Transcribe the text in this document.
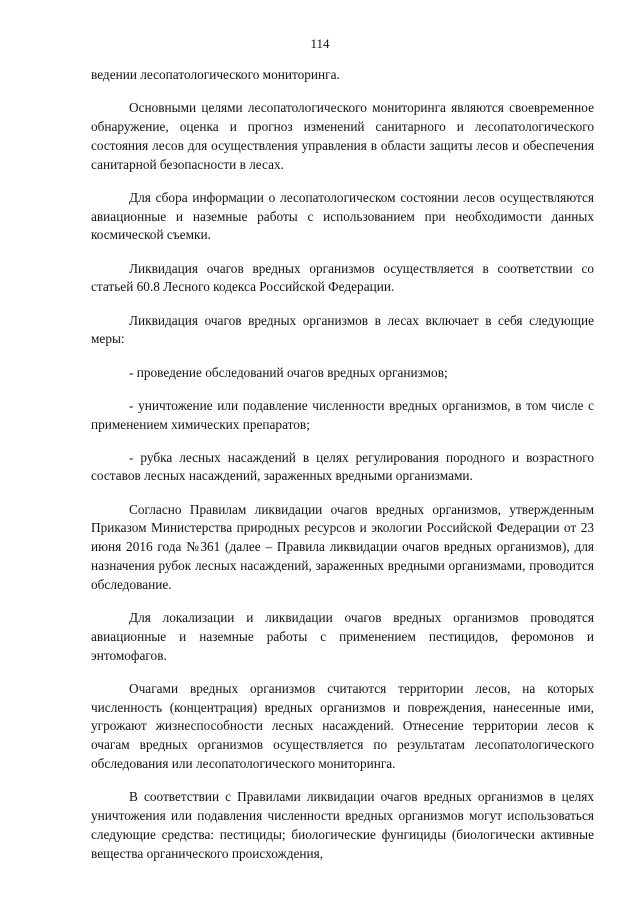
114

ведении лесопатологического мониторинга.

Основными целями лесопатологического мониторинга являются своевременное обнаружение, оценка и прогноз изменений санитарного и лесопатологического состояния лесов для осуществления управления в области защиты лесов и обеспечения санитарной безопасности в лесах.

Для сбора информации о лесопатологическом состоянии лесов осуществляются авиационные и наземные работы с использованием при необходимости данных космической съемки.

Ликвидация очагов вредных организмов осуществляется в соответствии со статьей 60.8 Лесного кодекса Российской Федерации.

Ликвидация очагов вредных организмов в лесах включает в себя следующие меры:

- проведение обследований очагов вредных организмов;

- уничтожение или подавление численности вредных организмов, в том числе с применением химических препаратов;

- рубка лесных насаждений в целях регулирования породного и возрастного составов лесных насаждений, зараженных вредными организмами.

Согласно Правилам ликвидации очагов вредных организмов, утвержденным Приказом Министерства природных ресурсов и экологии Российской Федерации от 23 июня 2016 года №361 (далее – Правила ликвидации очагов вредных организмов), для назначения рубок лесных насаждений, зараженных вредными организмами, проводится обследование.

Для локализации и ликвидации очагов вредных организмов проводятся авиационные и наземные работы с применением пестицидов, феромонов и энтомофагов.

Очагами вредных организмов считаются территории лесов, на которых численность (концентрация) вредных организмов и повреждения, нанесенные ими, угрожают жизнеспособности лесных насаждений. Отнесение территории лесов к очагам вредных организмов осуществляется по результатам лесопатологического обследования или лесопатологического мониторинга.

В соответствии с Правилами ликвидации очагов вредных организмов в целях уничтожения или подавления численности вредных организмов могут использоваться следующие средства: пестициды; биологические фунгициды (биологически активные вещества органического происхождения,
